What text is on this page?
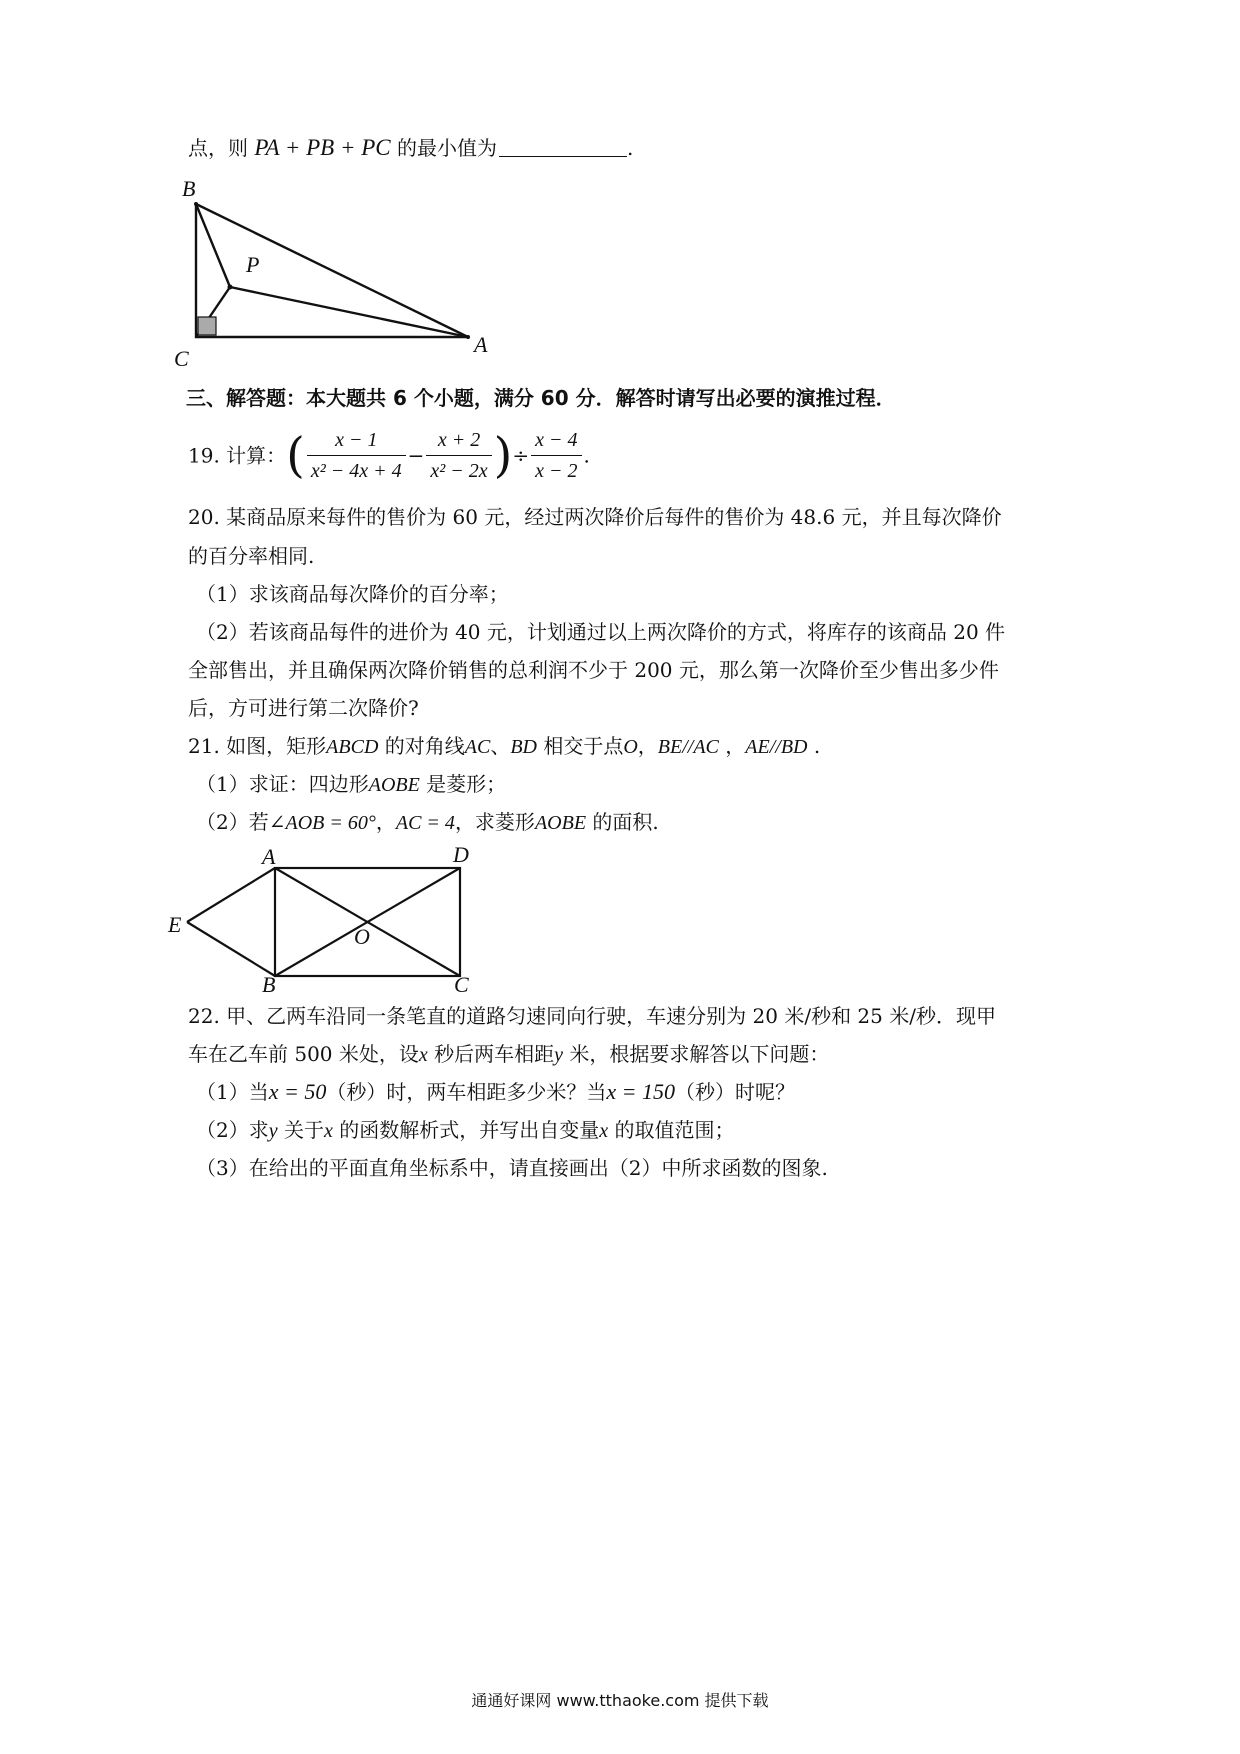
点，则 PA + PB + PC 的最小值为	.
B
P
C
A
三、解答题：本大题共 6 个小题，满分 60 分．解答时请写出必要的演推过程．
19. 计算：( $\frac{x - 1}{\text{x² − 4x + 4}} - \frac{x + 2}{\text{x² − 2x}}$ )÷ $\frac{x - 4}{x - 2}$ .
20. 某商品原来每件的售价为 60 元，经过两次降价后每件的售价为 48.6 元，并且每次降价
的百分率相同.
（1）求该商品每次降价的百分率；
（2）若该商品每件的进价为 40 元，计划通过以上两次降价的方式，将库存的该商品 20 件
全部售出，并且确保两次降价销售的总利润不少于 200 元，那么第一次降价至少售出多少件
后，方可进行第二次降价?
21. 如图，矩形ABCD 的对角线AC、BD 相交于点O，BE//AC ，AE//BD .
（1）求证：四边形AOBE 是菱形；
（2）若∠AOB = 60°，AC = 4，求菱形AOBE 的面积.
A	D
E	O
B	C
22. 甲、乙两车沿同一条笔直的道路匀速同向行驶，车速分别为 20 米/秒和 25 米/秒．现甲
车在乙车前 500 米处，设x 秒后两车相距y 米，根据要求解答以下问题：
（1）当x = 50（秒）时，两车相距多少米？当x = 150（秒）时呢？
（2）求y 关于x 的函数解析式，并写出自变量x 的取值范围；
（3）在给出的平面直角坐标系中，请直接画出（2）中所求函数的图象.
通通好课网 www.tthaoke.com 提供下载
